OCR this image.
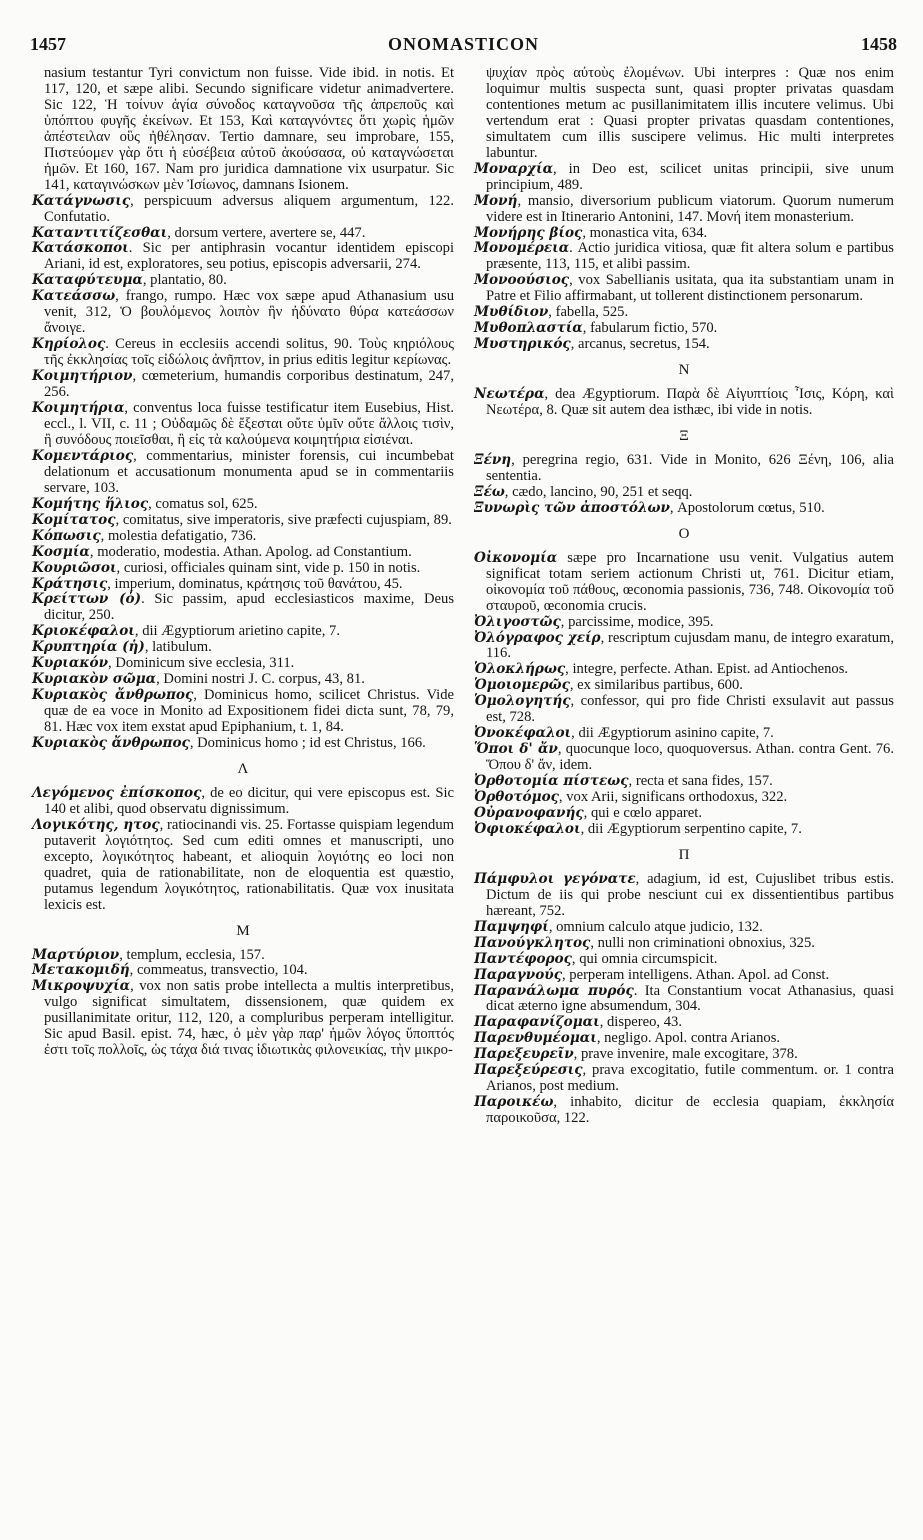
1457	ONOMASTICON	1458

nasium testantur Tyri convictum non fuisse. Vide ibid. in notis. Et 117, 120, et sæpe alibi. Secundo significare videtur animadvertere. Sic 122, Ἡ τοίνυν ἁγία σύνοδος καταγνοῦσα τῆς ἀπρεποῦς καὶ ὑπόπτου φυγῆς ἐκείνων. Et 153, Καὶ καταγνόντες ὅτι χωρὶς ἡμῶν ἀπέστειλαν οὓς ἠθέλησαν. Tertio damnare, seu improbare, 155, Πιστεύομεν γὰρ ὅτι ἡ εὐσέβεια αὐτοῦ ἀκούσασα, οὐ καταγνώσεται ἡμῶν. Et 160, 167. Nam pro juridica damnatione vix usurpatur. Sic 141, καταγινώσκων μὲν Ἰσίωνος, damnans Isionem.

Κατάγνωσις, perspicuum adversus aliquem argumentum, 122. Confutatio.

Καταντιτίζεσθαι, dorsum vertere, avertere se, 447.

Κατάσκοποι. Sic per antiphrasin vocantur identidem episcopi Ariani, id est, exploratores, seu potius, episcopis adversarii, 274.

Καταφύτευμα, plantatio, 80.

Κατεάσσω, frango, rumpo. Hæc vox sæpe apud Athanasium usu venit, 312, Ὁ βουλόμενος λοιπὸν ἣν ἠδύνατο θύρα κατεάσσων ἄνοιγε.

Κηρίολος. Cereus in ecclesiis accendi solitus, 90. Τοὺς κηριόλους τῆς ἐκκλησίας τοῖς εἰδώλοις ἀνῆπτον, in prius editis legitur κερίωνας.

Κοιμητήριον, cœmeterium, humandis corporibus destinatum, 247, 256.

Κοιμητήρια, conventus loca fuisse testificatur item Eusebius, Hist. eccl., l. VII, c. 11 ; Οὐδαμῶς δὲ ἔξεσται οὔτε ὑμῖν οὔτε ἄλλοις τισὶν, ἢ συνόδους ποιεῖσθαι, ἢ εἰς τὰ καλούμενα κοιμητήρια εἰσιέναι.

Κομεντάριος, commentarius, minister forensis, cui incumbebat delationum et accusationum monumenta apud se in commentariis servare, 103.

Κομήτης ἥλιος, comatus sol, 625.

Κομίτατος, comitatus, sive imperatoris, sive præfecti cujuspiam, 89.

Κόπωσις, molestia defatigatio, 736.

Κοσμία, moderatio, modestia. Athan. Apolog. ad Constantium.

Κουριῶσοι, curiosi, officiales quinam sint, vide p. 150 in notis.

Κράτησις, imperium, dominatus, κράτησις τοῦ θανάτου, 45.

Κρείττων (ὁ). Sic passim, apud ecclesiasticos maxime, Deus dicitur, 250.

Κριοκέφαλοι, dii Ægyptiorum arietino capite, 7.

Κρυπτηρία (ἡ), latibulum.

Κυριακόν, Dominicum sive ecclesia, 311.

Κυριακὸν σῶμα, Domini nostri J. C. corpus, 43, 81.

Κυριακὸς ἄνθρωπος, Dominicus homo, scilicet Christus. Vide quæ de ea voce in Monito ad Expositionem fidei dicta sunt, 78, 79, 81. Hæc vox item exstat apud Epiphanium, t. 1, 84.

Κυριακὸς ἄνθρωπος, Dominicus homo ; id est Christus, 166.

Λ

Λεγόμενος ἐπίσκοπος, de eo dicitur, qui vere episcopus est. Sic 140 et alibi, quod observatu dignissimum.

Λογικότης, ητος, ratiocinandi vis. 25. Fortasse quispiam legendum putaverit λογιότητος. Sed cum editi omnes et manuscripti, uno excepto, λογικότητος habeant, et alioquin λογιότης eo loci non quadret, quia de rationabilitate, non de eloquentia est quæstio, putamus legendum λογικότητος, rationabilitatis. Quæ vox inusitata lexicis est.

M

Μαρτύριον, templum, ecclesia, 157.

Μετακομιδή, commeatus, transvectio, 104.

Μικροψυχία, vox non satis probe intellecta a multis interpretibus, vulgo significat simultatem, dissensionem, quæ quidem ex pusillanimitate oritur, 112, 120, a compluribus perperam intelligitur. Sic apud Basil. epist. 74, hæc, ὁ μὲν γὰρ παρ' ἡμῶν λόγος ὕποπτός ἐστι τοῖς πολλοῖς, ὡς τάχα διά τινας ἰδιωτικὰς φιλονεικίας, τὴν μικρο-

ψυχίαν πρὸς αὐτοὺς ἐλομένων. Ubi interpres : Quæ nos enim loquimur multis suspecta sunt, quasi propter privatas quasdam contentiones metum ac pusillanimitatem illis incutere velimus. Ubi vertendum erat : Quasi propter privatas quasdam contentiones, simultatem cum illis suscipere velimus. Hic multi interpretes labuntur.

Μοναρχία, in Deo est, scilicet unitas principii, sive unum principium, 489.

Μονή, mansio, diversorium publicum viatorum. Quorum numerum videre est in Itinerario Antonini, 147. Μονή item monasterium.

Μονήρης βίος, monastica vita, 634.

Μονομέρεια. Actio juridica vitiosa, quæ fit altera solum e partibus præsente, 113, 115, et alibi passim.

Μονοούσιος, vox Sabellianis usitata, qua ita substantiam unam in Patre et Filio affirmabant, ut tollerent distinctionem personarum.

Μυθίδιον, fabella, 525.

Μυθοπλαστία, fabularum fictio, 570.

Μυστηρικός, arcanus, secretus, 154.

N

Νεωτέρα, dea Ægyptiorum. Παρὰ δὲ Αἰγυπτίοις Ἶσις, Κόρη, καὶ Νεωτέρα, 8. Quæ sit autem dea isthæc, ibi vide in notis.

Ξ

Ξένη, peregrina regio, 631. Vide in Monito, 626 Ξένη, 106, alia sententia.

Ξέω, cædo, lancino, 90, 251 et seqq.

Ξυνωρὶς τῶν ἀποστόλων, Apostolorum cœtus, 510.

O

Οἰκονομία sæpe pro Incarnatione usu venit. Vulgatius autem significat totam seriem actionum Christi ut, 761. Dicitur etiam, οἰκονομία τοῦ πάθους, œconomia passionis, 736, 748. Οἰκονομία τοῦ σταυροῦ, œconomia crucis.

Ὀλιγοστῶς, parcissime, modice, 395.

Ὀλόγραφος χείρ, rescriptum cujusdam manu, de integro exaratum, 116.

Ὁλοκλήρως, integre, perfecte. Athan. Epist. ad Antiochenos.

Ὁμοιομερῶς, ex similaribus partibus, 600.

Ὁμολογητής, confessor, qui pro fide Christi exsulavit aut passus est, 728.

Ὀνοκέφαλοι, dii Ægyptiorum asinino capite, 7.

Ὅποι δ' ἄν, quocunque loco, quoquoversus. Athan. contra Gent. 76. Ὅπου δ' ἄν, idem.

Ὀρθοτομία πίστεως, recta et sana fides, 157.

Ὀρθοτόμος, vox Arii, significans orthodoxus, 322.

Οὐρανοφανής, qui e cœlo apparet.

Ὀφιοκέφαλοι, dii Ægyptiorum serpentino capite, 7.

Π

Πάμφυλοι γεγόνατε, adagium, id est, Cujuslibet tribus estis. Dictum de iis qui probe nesciunt cui ex dissentientibus partibus hæreant, 752.

Παμψηφί, omnium calculo atque judicio, 132.

Πανούγκλητος, nulli non criminationi obnoxius, 325.

Παντέφορος, qui omnia circumspicit.

Παραγνούς, perperam intelligens. Athan. Apol. ad Const.

Παρανάλωμα πυρός. Ita Constantium vocat Athanasius, quasi dicat æterno igne absumendum, 304.

Παραφανίζομαι, dispereo, 43.

Παρενθυμέομαι, negligo. Apol. contra Arianos.

Παρεξευρεῖν, prave invenire, male excogitare, 378.

Παρεξεύρεσις, prava excogitatio, futile commentum. or. 1 contra Arianos, post medium.

Παροικέω, inhabito, dicitur de ecclesia quapiam, ἐκκλησία παροικοῦσα, 122.
